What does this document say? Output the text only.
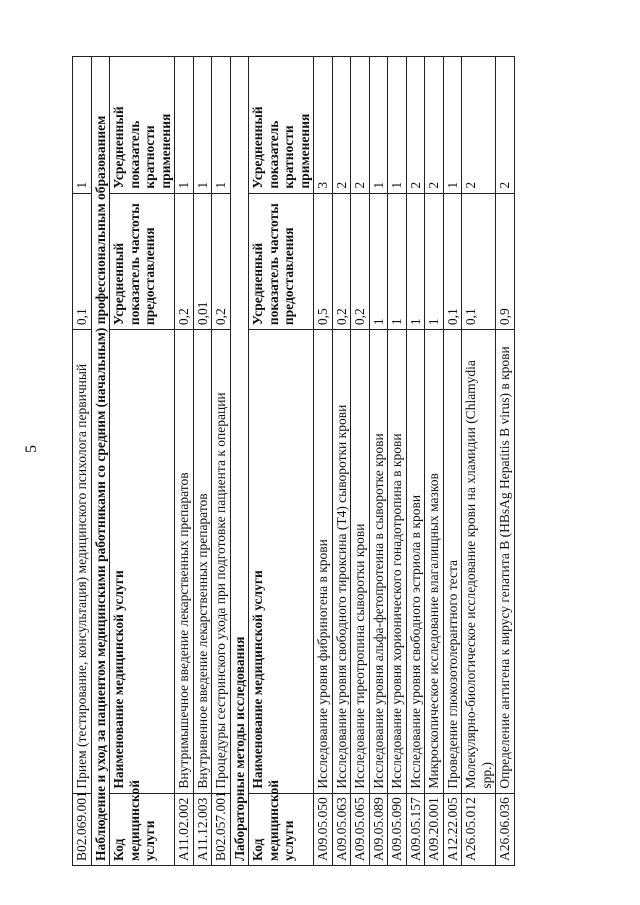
5
B02.069.001	Прием (тестирование, консультация) медицинского психолога первичный	0,1	1
Наблюдение и уход за пациентом медицинскими работниками со средним (начальным) профессиональным образованием			
Код медицинской услуги	Наименование медицинской услуги	Усредненный показатель частоты предоставления	Усредненный показатель кратности применения
A11.02.002	Внутримышечное введение лекарственных препаратов	0,2	1
A11.12.003	Внутривенное введение лекарственных препаратов	0,01	1
B02.057.001	Процедуры сестринского ухода при подготовке пациента к операции	0,2	1
Лабораторные методы исследования			
Код медицинской услуги	Наименование медицинской услуги	Усредненный показатель частоты предоставления	Усредненный показатель кратности применения
A09.05.050	Исследование уровня фибриногена в крови	0,5	3
A09.05.063	Исследование уровня свободного тироксина (T4) сыворотки крови	0,2	2
A09.05.065	Исследование тиреотропина сыворотки крови	0,2	2
A09.05.089	Исследование уровня альфа-фетопротеина в сыворотке крови	1	1
A09.05.090	Исследование уровня хорионического гонадотропина в крови	1	1
A09.05.157	Исследование уровня свободного эстриола в крови	1	2
A09.20.001	Микроскопическое исследование влагалищных мазков	1	2
A12.22.005	Проведение глюкозотолерантного теста	0,1	1
A26.05.012	Молекулярно-биологическое исследование крови на хламидии (Chlamydia spp.)	0,1	2
A26.06.036	Определение антигена к вирусу гепатита B (HBsAg Hepatitis B virus) в крови	0,9	2
